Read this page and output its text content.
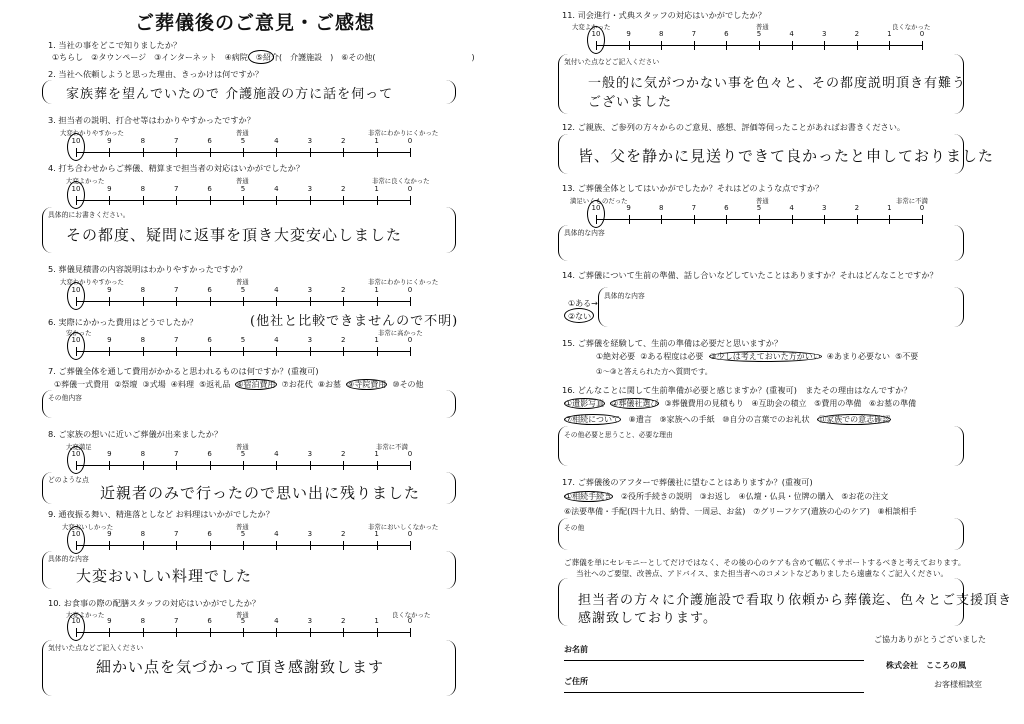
ご葬儀後のご意見・ご感想
1. 当社の事をどこで知りましたか？
①ちらし　②タウンページ　③インターネット　④病院　⑤紹介(　介護施設　)　⑥その他(　　　　　　　　　　　　)
2. 当社へ依頼しようと思った理由、きっかけは何ですか？
家族葬を望んでいたので 介護施設の方に話を伺って
3. 担当者の説明、打合せ等はわかりやすかったですか？
大変わかりやすかった	普通	非常にわかりにくかった
10	9	8	7	6	5	4	3	2	1	0
4. 打ち合わせからご葬儀、精算まで担当者の対応はいかがでしたか？
大変よかった	普通	非常に良くなかった
10	9	8	7	6	5	4	3	2	1	0
具体的にお書きください。
その都度、疑問に返事を頂き大変安心しました
5. 葬儀見積書の内容説明はわかりやすかったですか？
大変わかりやすかった	普通	非常にわかりにくかった
10	9	8	7	6	5	4	3	2	1	0
6. 実際にかかった費用はどうでしたか？	(他社と比較できませんので不明)
安かった	非常に高かった
10	9	8	7	6	5	4	3	2	1	0
7. ご葬儀全体を通して費用がかかると思われるものは何ですか？(重複可)
①葬儀一式費用 ②祭壇 ③式場 ④料理 ⑤返礼品 ⑥宿泊費用 ⑦お花代 ⑧お墓 ⑨寺院費用 ⑩その他
その他内容
8. ご家族の想いに近いご葬儀が出来ましたか？
大変満足	普通	非常に不満
10	9	8	7	6	5	4	3	2	1	0
どのような点
近親者のみで行ったので思い出に残りました
9. 通夜振る舞い、精進落としなど お料理はいかがでしたか？
大変おいしかった	普通	非常においしくなかった
10	9	8	7	6	5	4	3	2	1	0
具体的な内容
大変おいしい料理でした
10. お食事の際の配膳スタッフの対応はいかがでしたか？
大変よかった	普通	良くなかった
10	9	8	7	6	5	4	3	2	1	0
気付いた点などご記入ください
細かい点を気づかって頂き感謝致します
11. 司会進行・式典スタッフの対応はいかがでしたか？
大変よかった	普通	良くなかった
10	9	8	7	6	5	4	3	2	1	0
気付いた点などご記入ください
一般的に気がつかない事を色々と、その都度説明頂き有難う
ございました
12. ご親族、ご参列の方々からのご意見、感想、評価等伺ったことがあればお書きください。
皆、父を静かに見送りできて良かったと申しておりました
13. ご葬儀全体としてはいかがでしたか？それはどのような点ですか？
満足いくものだった	普通	非常に不満
10	9	8	7	6	5	4	3	2	1	0
具体的な内容
14. ご葬儀について生前の準備、話し合いなどしていたことはありますか？それはどんなことですか？
①ある→
②ない
具体的な内容
15. ご葬儀を経験して、生前の準備は必要だと思いますか？
①絶対必要 ②ある程度は必要 ③少しは考えておいた方がいい ④あまり必要ない ⑤不要
①～③と答えられた方へ質問です。
16. どんなことに関して生前準備が必要と感じますか？(重複可)　またその理由はなんですか？
①遺影写真 ②葬儀社選び ③葬儀費用の見積もり ④互助会の積立 ⑤費用の準備 ⑥お墓の準備
⑦相続について ⑧遺言 ⑨家族への手紙 ⑩自分の言葉でのお礼状 ⑪家族での意志確認
その他必要と思うこと、必要な理由
17. ご葬儀後のアフターで葬儀社に望むことはありますか？(重複可)
①相続手続き ②役所手続きの説明 ③お返し ④仏壇・仏具・位牌の購入 ⑤お花の注文
⑥法要準備・手配(四十九日、納骨、一周忌、お盆) ⑦グリーフケア(遺族の心のケア) ⑧相談相手
その他
ご葬儀を単にセレモニーとしてだけではなく、その後の心のケアも含めて幅広くサポートするべきと考えております。
当社へのご要望、改善点、アドバイス、また担当者へのコメントなどありましたら遠慮なくご記入ください。
担当者の方々に介護施設で看取り依頼から葬儀迄、色々とご支援頂き
感謝致しております。
ご協力ありがとうございました
お名前
ご住所
株式会社　こころの風
お客様相談室
